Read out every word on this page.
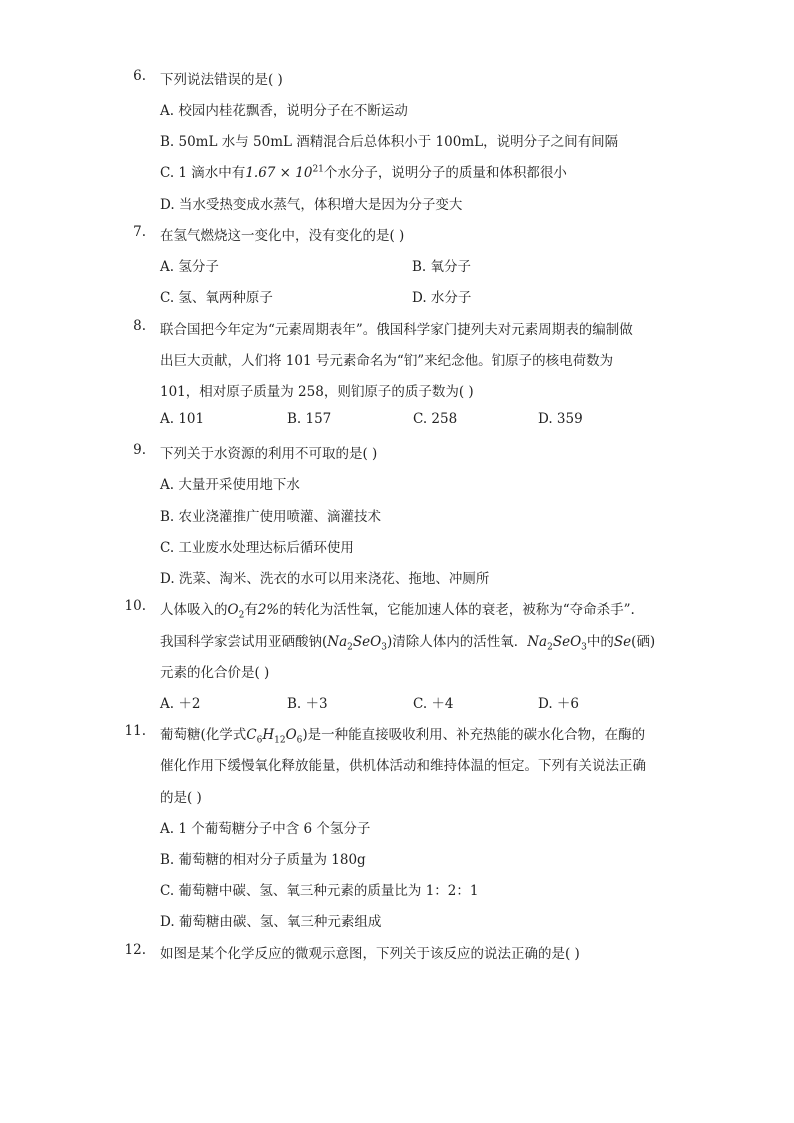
6. 下列说法错误的是( )
A. 校园内桂花飘香，说明分子在不断运动
B. 50mL 水与 50mL 酒精混合后总体积小于 100mL，说明分子之间有间隔
C. 1 滴水中有$1.67 \times 10^{21}$个水分子，说明分子的质量和体积都很小
D. 当水受热变成水蒸气，体积增大是因为分子变大
7. 在氢气燃烧这一变化中，没有变化的是( )
A. 氢分子	B. 氧分子
C. 氢、氧两种原子	D. 水分子
8. 联合国把今年定为“元素周期表年”。俄国科学家门捷列夫对元素周期表的编制做
出巨大贡献，人们将 101 号元素命名为“钔”来纪念他。钔原子的核电荷数为
101，相对原子质量为 258，则钔原子的质子数为( )
A. 101	B. 157	C. 258	D. 359
9. 下列关于水资源的利用不可取的是( )
A. 大量开采使用地下水
B. 农业浇灌推广使用喷灌、滴灌技术
C. 工业废水处理达标后循环使用
D. 洗菜、淘米、洗衣的水可以用来浇花、拖地、冲厕所
10. 人体吸入的$O_2$有2%的转化为活性氧，它能加速人体的衰老，被称为“夺命杀手”.
我国科学家尝试用亚硒酸钠$(Na_2SeO_3)$清除人体内的活性氧．$Na_2SeO_3$中的Se(硒)
元素的化合价是( )
A. ＋2	B. ＋3	C. ＋4	D. ＋6
11. 葡萄糖(化学式$C_6H_{12}O_6$)是一种能直接吸收利用、补充热能的碳水化合物，在酶的
催化作用下缓慢氧化释放能量，供机体活动和维持体温的恒定。下列有关说法正确
的是( )
A. 1 个葡萄糖分子中含 6 个氢分子
B. 葡萄糖的相对分子质量为 180g
C. 葡萄糖中碳、氢、氧三种元素的质量比为 1：2：1
D. 葡萄糖由碳、氢、氧三种元素组成
12. 如图是某个化学反应的微观示意图，下列关于该反应的说法正确的是( )
